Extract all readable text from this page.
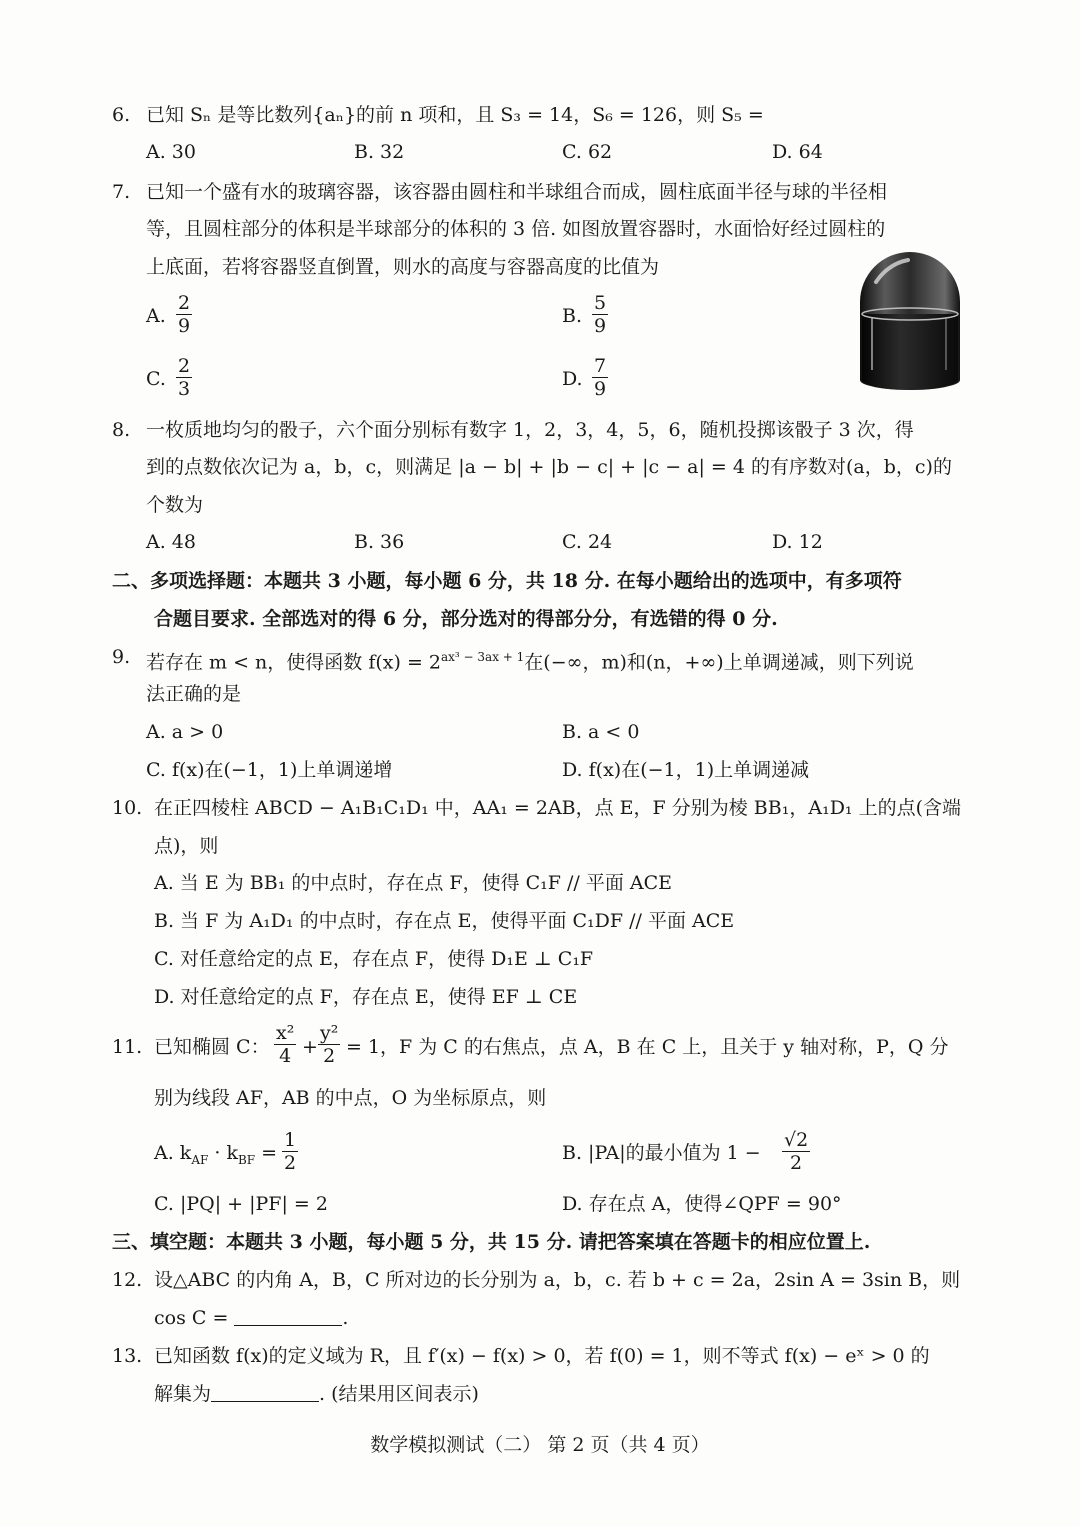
6. 已知 Sₙ 是等比数列{aₙ}的前 n 项和，且 S₃ = 14，S₆ = 126，则 S₅ =
A. 30	B. 32	C. 62	D. 64
7. 已知一个盛有水的玻璃容器，该容器由圆柱和半球组合而成，圆柱底面半径与球的半径相
等，且圆柱部分的体积是半球部分的体积的 3 倍. 如图放置容器时，水面恰好经过圆柱的
上底面，若将容器竖直倒置，则水的高度与容器高度的比值为
A. $\frac{2}{9}$	B. $\frac{5}{9}$
C. $\frac{2}{3}$	D. $\frac{7}{9}$
8. 一枚质地均匀的骰子，六个面分别标有数字 1，2，3，4，5，6，随机投掷该骰子 3 次，得
到的点数依次记为 a，b，c，则满足 |a − b| + |b − c| + |c − a| = 4 的有序数对(a，b，c)的
个数为
A. 48	B. 36	C. 24	D. 12
二、多项选择题：本题共 3 小题，每小题 6 分，共 18 分. 在每小题给出的选项中，有多项符
合题目要求. 全部选对的得 6 分，部分选对的得部分分，有选错的得 0 分.
9. 若存在 m < n，使得函数 $f(x) = 2^{ax^3 - 3ax + 1}$在(−∞，m)和(n，+∞)上单调递减，则下列说
法正确的是
A. a > 0	B. a < 0
C. f(x)在(−1，1)上单调递增	D. f(x)在(−1，1)上单调递减
10. 在正四棱柱 ABCD − A₁B₁C₁D₁ 中，AA₁ = 2AB，点 E，F 分别为棱 BB₁，A₁D₁ 上的点(含端
点)，则
A. 当 E 为 BB₁ 的中点时，存在点 F，使得 C₁F // 平面 ACE
B. 当 F 为 A₁D₁ 的中点时，存在点 E，使得平面 C₁DF // 平面 ACE
C. 对任意给定的点 E，存在点 F，使得 D₁E ⊥ C₁F
D. 对任意给定的点 F，存在点 E，使得 EF ⊥ CE
11. 已知椭圆 C： $\frac{\text{x²}}{4} + \frac{\text{y²}}{2} = 1$，F 为 C 的右焦点，点 A，B 在 C 上，且关于 y 轴对称，P，Q 分
别为线段 AF，AB 的中点，O 为坐标原点，则
A. $k_{AF} \cdot k_{BF} = \frac{1}{2}$	B. |PA|的最小值为 $1 - \frac{√2}{2}$
C. |PQ| + |PF| = 2	D. 存在点 A，使得∠QPF = 90°
三、填空题：本题共 3 小题，每小题 5 分，共 15 分. 请把答案填在答题卡的相应位置上.
12. 设△ABC 的内角 A，B，C 所对边的长分别为 a，b，c. 若 b + c = 2a，2sin A = 3sin B，则
cos C =	.
13. 已知函数 f(x)的定义域为 R，且 f′(x) − f(x) > 0，若 f(0) = 1，则不等式 f(x) − eˣ > 0 的
解集为	. (结果用区间表示)
数学模拟测试（二） 第 2 页（共 4 页）
